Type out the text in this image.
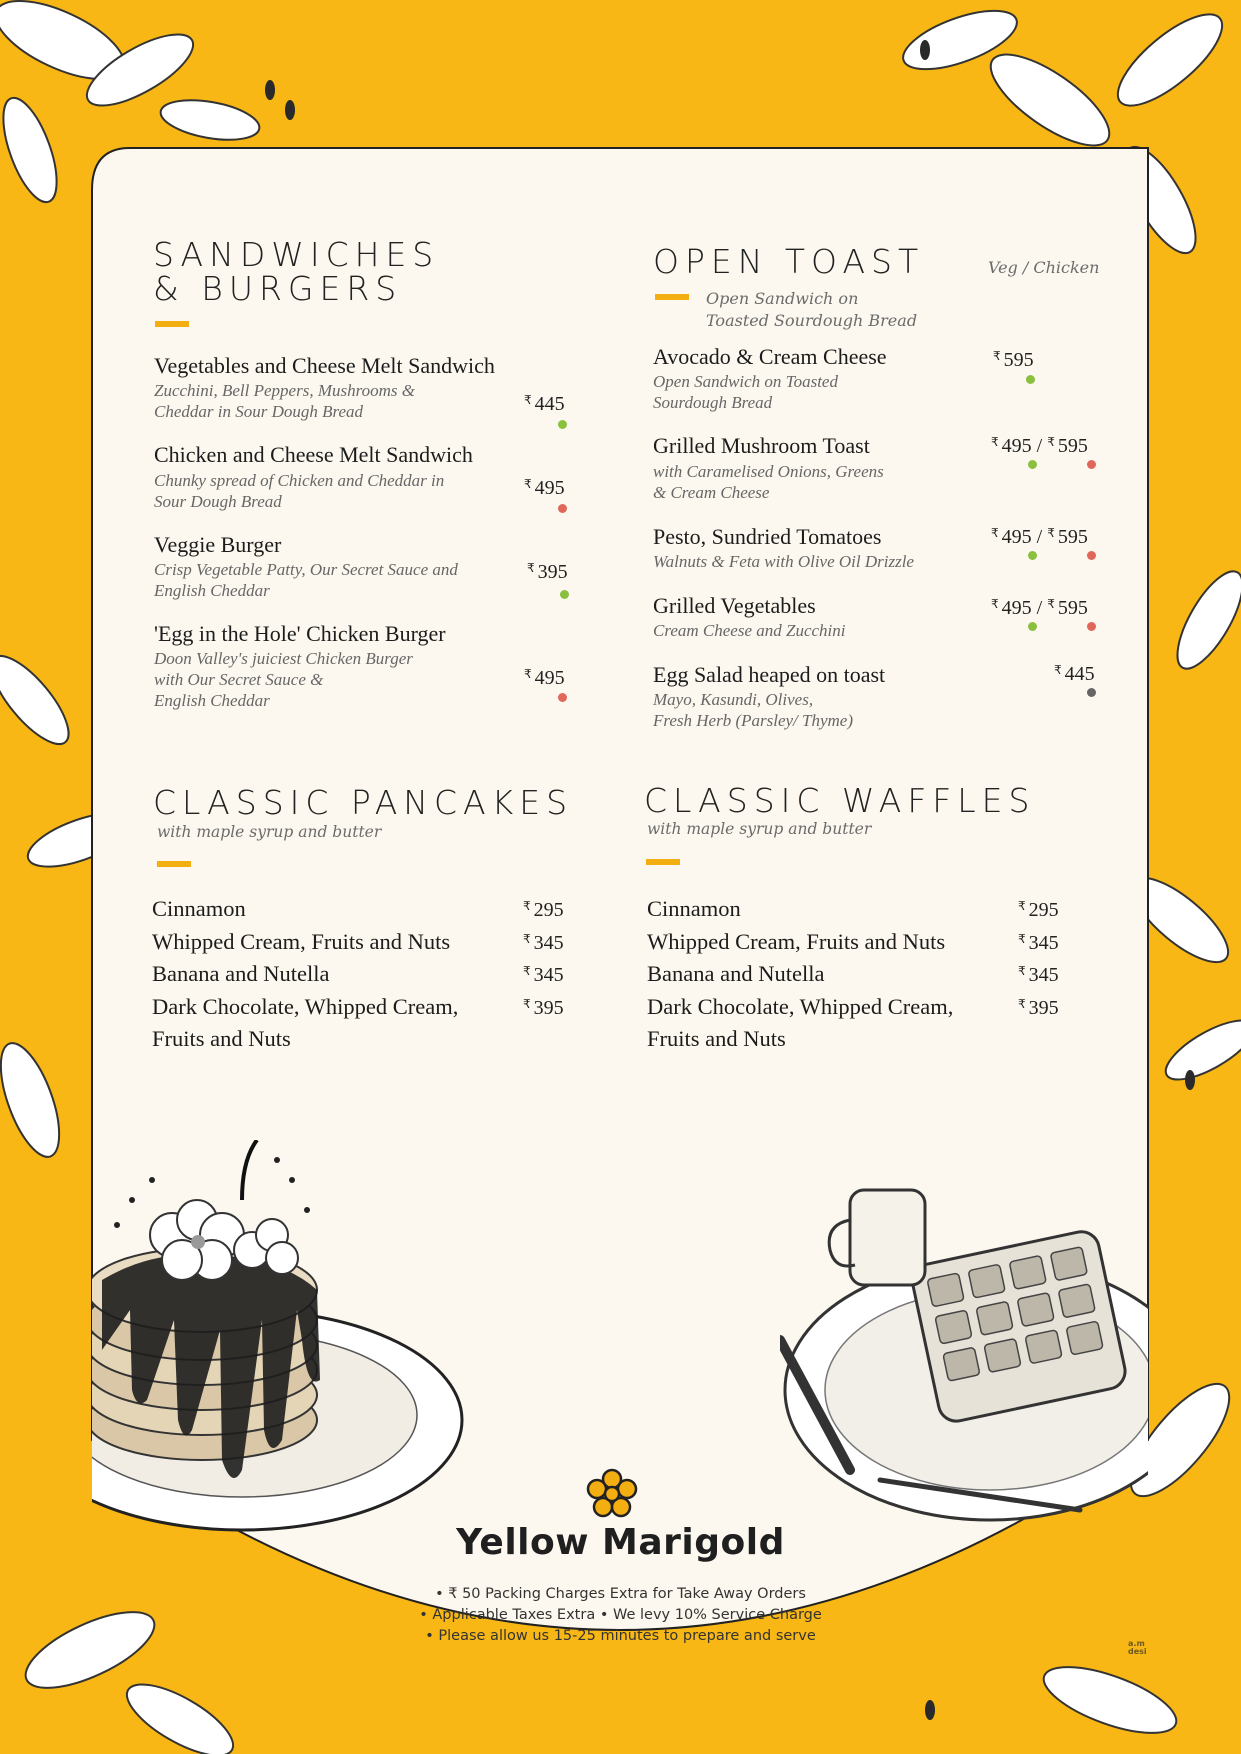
SANDWICHES
& BURGERS
Vegetables and Cheese Melt Sandwich
Zucchini, Bell Peppers, Mushrooms &
Cheddar in Sour Dough Bread
₹ 445
Chicken and Cheese Melt Sandwich
Chunky spread of Chicken and Cheddar in
Sour Dough Bread
₹ 495
Veggie Burger
Crisp Vegetable Patty, Our Secret Sauce and
English Cheddar
₹ 395
'Egg in the Hole' Chicken Burger
Doon Valley's juiciest Chicken Burger
with Our Secret Sauce &
English Cheddar
₹ 495
OPEN TOAST	Veg / Chicken
Open Sandwich on
Toasted Sourdough Bread
Avocado & Cream Cheese
Open Sandwich on Toasted
Sourdough Bread
₹ 595
Grilled Mushroom Toast
with Caramelised Onions, Greens
& Cream Cheese
₹ 495 / ₹ 595
Pesto, Sundried Tomatoes
Walnuts & Feta with Olive Oil Drizzle
₹ 495 / ₹ 595
Grilled Vegetables
Cream Cheese and Zucchini
₹ 495 / ₹ 595
Egg Salad heaped on toast
Mayo, Kasundi, Olives,
Fresh Herb (Parsley/ Thyme)
₹ 445
CLASSIC PANCAKES
with maple syrup and butter
Cinnamon	₹ 295
Whipped Cream, Fruits and Nuts	₹ 345
Banana and Nutella	₹ 345
Dark Chocolate, Whipped Cream,	₹ 395
Fruits and Nuts
CLASSIC WAFFLES
with maple syrup and butter
Cinnamon	₹ 295
Whipped Cream, Fruits and Nuts	₹ 345
Banana and Nutella	₹ 345
Dark Chocolate, Whipped Cream,	₹ 395
Fruits and Nuts
Yellow Marigold
• ₹ 50 Packing Charges Extra for Take Away Orders
• Applicable Taxes Extra • We levy 10% Service Charge
• Please allow us 15-25 minutes to prepare and serve	a.m
desi
